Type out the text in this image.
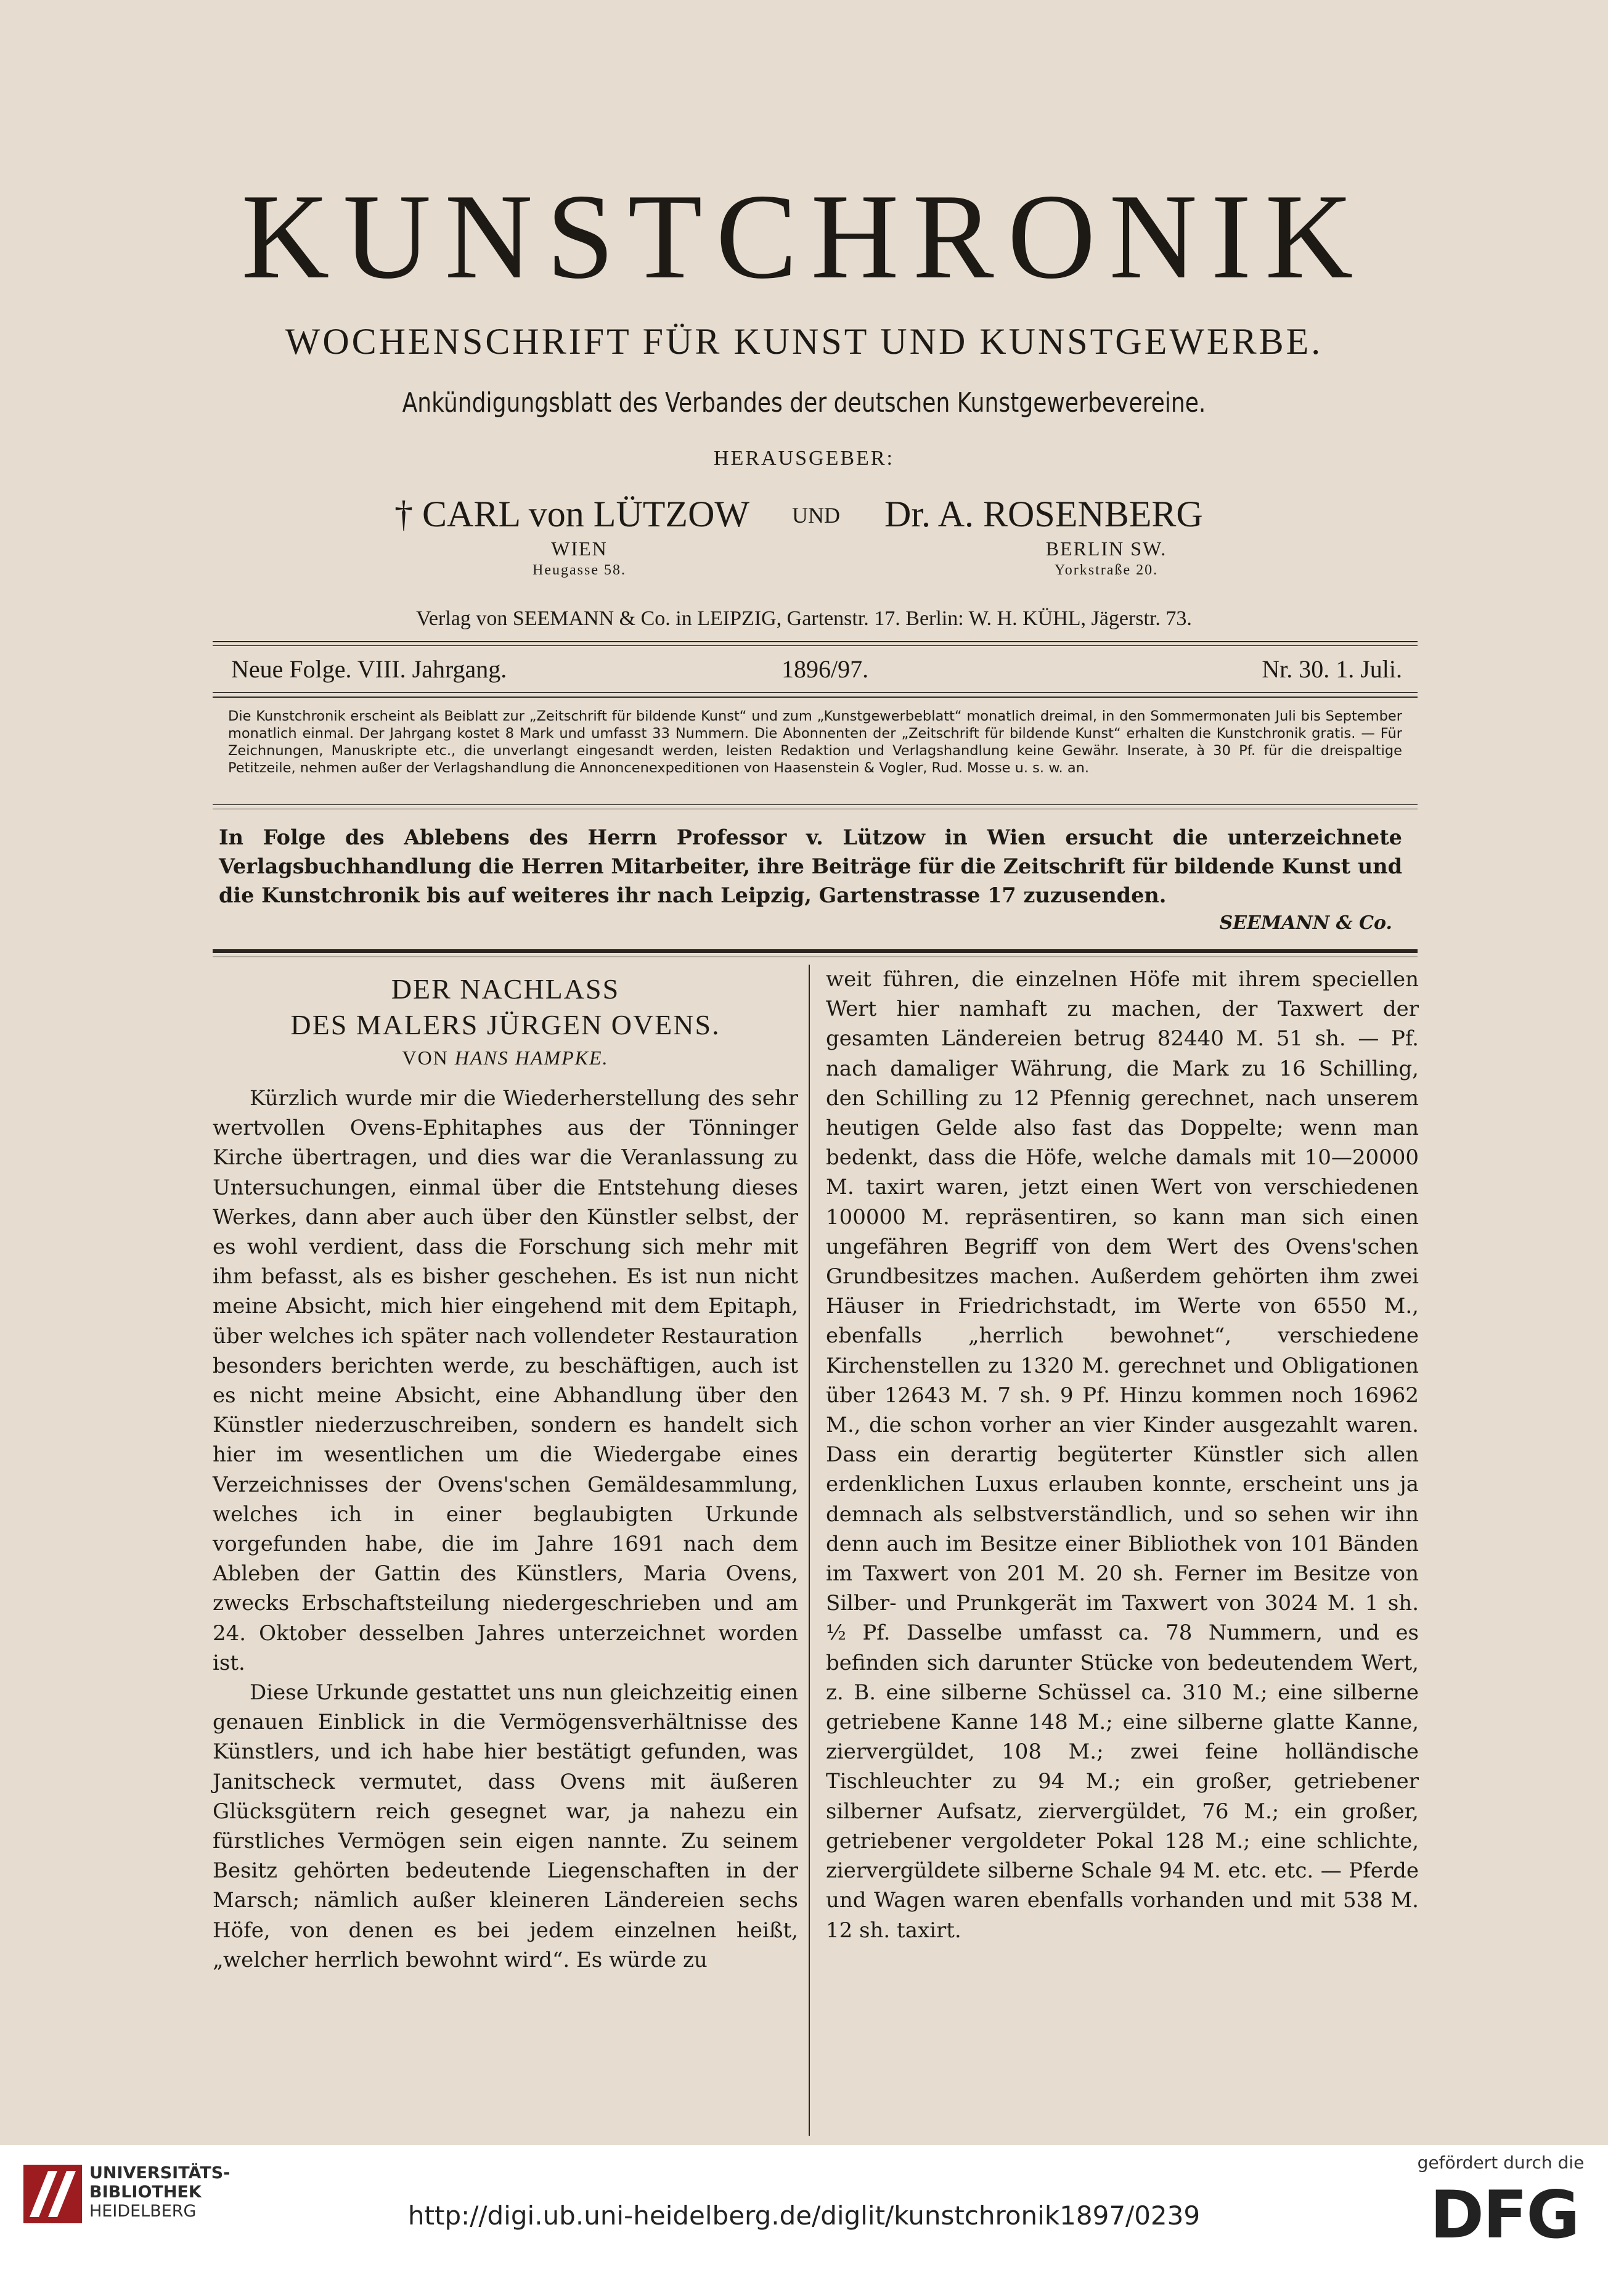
KUNSTCHRONIK
WOCHENSCHRIFT FÜR KUNST UND KUNSTGEWERBE.
Ankündigungsblatt des Verbandes der deutschen Kunstgewerbevereine.
HERAUSGEBER:
† CARL von LÜTZOW UND Dr. A. ROSENBERG
WIEN	BERLIN SW.
Heugasse 58.	Yorkstraße 20.
Verlag von SEEMANN & Co. in LEIPZIG, Gartenstr. 17. Berlin: W. H. KÜHL, Jägerstr. 73.
Neue Folge. VIII. Jahrgang.	1896/97.	Nr. 30. 1. Juli.
Die Kunstchronik erscheint als Beiblatt zur „Zeitschrift für bildende Kunst“ und zum „Kunstgewerbeblatt“ monatlich dreimal, in den Sommermonaten Juli bis September monatlich einmal. Der Jahrgang kostet 8 Mark und umfasst 33 Nummern. Die Abonnenten der „Zeitschrift für bildende Kunst“ erhalten die Kunstchronik gratis. — Für Zeichnungen, Manuskripte etc., die unverlangt eingesandt werden, leisten Redaktion und Verlagshandlung keine Gewähr. Inserate, à 30 Pf. für die dreispaltige Petitzeile, nehmen außer der Verlagshandlung die Annoncenexpeditionen von Haasenstein & Vogler, Rud. Mosse u. s. w. an.
In Folge des Ablebens des Herrn Professor v. Lützow in Wien ersucht die unterzeichnete Verlagsbuchhandlung die Herren Mitarbeiter, ihre Beiträge für die Zeitschrift für bildende Kunst und die Kunstchronik bis auf weiteres ihr nach Leipzig, Gartenstrasse 17 zuzusenden.
SEEMANN & Co.
DER NACHLASS
DES MALERS JÜRGEN OVENS.
VON HANS HAMPKE.

Kürzlich wurde mir die Wiederherstellung des sehr wertvollen Ovens-Ephitaphes aus der Tönninger Kirche übertragen, und dies war die Veranlassung zu Untersuchungen, einmal über die Entstehung dieses Werkes, dann aber auch über den Künstler selbst, der es wohl verdient, dass die Forschung sich mehr mit ihm befasst, als es bisher geschehen. Es ist nun nicht meine Absicht, mich hier eingehend mit dem Epitaph, über welches ich später nach vollendeter Restauration besonders berichten werde, zu beschäftigen, auch ist es nicht meine Absicht, eine Abhandlung über den Künstler niederzuschreiben, sondern es handelt sich hier im wesentlichen um die Wiedergabe eines Verzeichnisses der Ovens'schen Gemäldesammlung, welches ich in einer beglaubigten Urkunde vorgefunden habe, die im Jahre 1691 nach dem Ableben der Gattin des Künstlers, Maria Ovens, zwecks Erbschaftsteilung niedergeschrieben und am 24. Oktober desselben Jahres unterzeichnet worden ist.

Diese Urkunde gestattet uns nun gleichzeitig einen genauen Einblick in die Vermögensverhältnisse des Künstlers, und ich habe hier bestätigt gefunden, was Janitscheck vermutet, dass Ovens mit äußeren Glücksgütern reich gesegnet war, ja nahezu ein fürstliches Vermögen sein eigen nannte. Zu seinem Besitz gehörten bedeutende Liegenschaften in der Marsch; nämlich außer kleineren Ländereien sechs Höfe, von denen es bei jedem einzelnen heißt, „welcher herrlich bewohnt wird“. Es würde zu

weit führen, die einzelnen Höfe mit ihrem speciellen Wert hier namhaft zu machen, der Taxwert der gesamten Ländereien betrug 82440 M. 51 sh. — Pf. nach damaliger Währung, die Mark zu 16 Schilling, den Schilling zu 12 Pfennig gerechnet, nach unserem heutigen Gelde also fast das Doppelte; wenn man bedenkt, dass die Höfe, welche damals mit 10—20000 M. taxirt waren, jetzt einen Wert von verschiedenen 100000 M. repräsentiren, so kann man sich einen ungefähren Begriff von dem Wert des Ovens'schen Grundbesitzes machen. Außerdem gehörten ihm zwei Häuser in Friedrichstadt, im Werte von 6550 M., ebenfalls „herrlich bewohnet“, verschiedene Kirchenstellen zu 1320 M. gerechnet und Obligationen über 12643 M. 7 sh. 9 Pf. Hinzu kommen noch 16962 M., die schon vorher an vier Kinder ausgezahlt waren. Dass ein derartig begüterter Künstler sich allen erdenklichen Luxus erlauben konnte, erscheint uns ja demnach als selbstverständlich, und so sehen wir ihn denn auch im Besitze einer Bibliothek von 101 Bänden im Taxwert von 201 M. 20 sh. Ferner im Besitze von Silber- und Prunkgerät im Taxwert von 3024 M. 1 sh. ½ Pf. Dasselbe umfasst ca. 78 Nummern, und es befinden sich darunter Stücke von bedeutendem Wert, z. B. eine silberne Schüssel ca. 310 M.; eine silberne getriebene Kanne 148 M.; eine silberne glatte Kanne, ziervergüldet, 108 M.; zwei feine holländische Tischleuchter zu 94 M.; ein großer, getriebener silberner Aufsatz, ziervergüldet, 76 M.; ein großer, getriebener vergoldeter Pokal 128 M.; eine schlichte, ziervergüldete silberne Schale 94 M. etc. etc. — Pferde und Wagen waren ebenfalls vorhanden und mit 538 M. 12 sh. taxirt.

UNIVERSITÄTS-
BIBLIOTHEK
HEIDELBERG	http://digi.ub.uni-heidelberg.de/diglit/kunstchronik1897/0239
gefördert durch die
DFG
